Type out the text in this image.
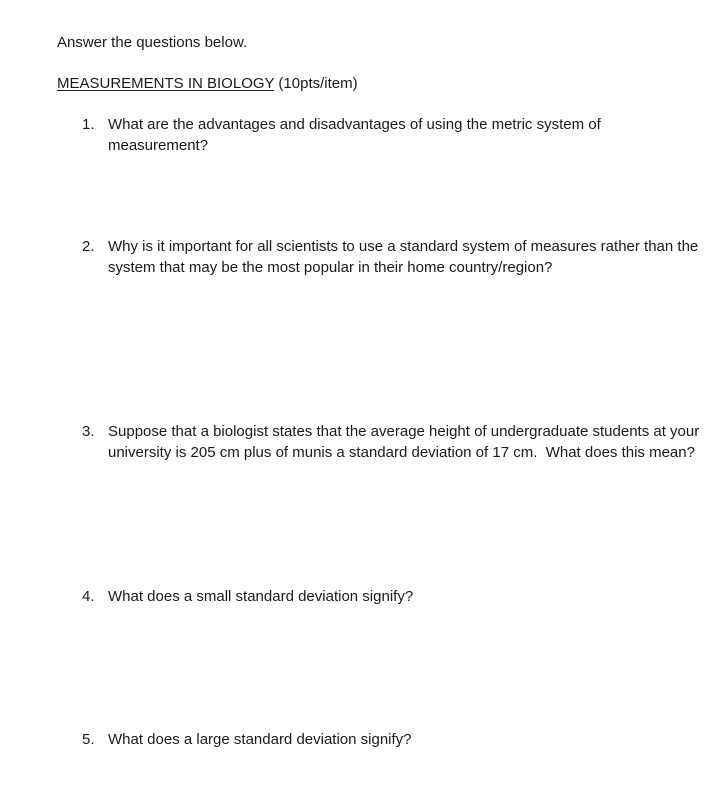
Answer the questions below.

MEASUREMENTS IN BIOLOGY (10pts/item)

1. What are the advantages and disadvantages of using the metric system of measurement?
2. Why is it important for all scientists to use a standard system of measures rather than the system that may be the most popular in their home country/region?
3. Suppose that a biologist states that the average height of undergraduate students at your university is 205 cm plus of munis a standard deviation of 17 cm.  What does this mean?
4. What does a small standard deviation signify?
5. What does a large standard deviation signify?
